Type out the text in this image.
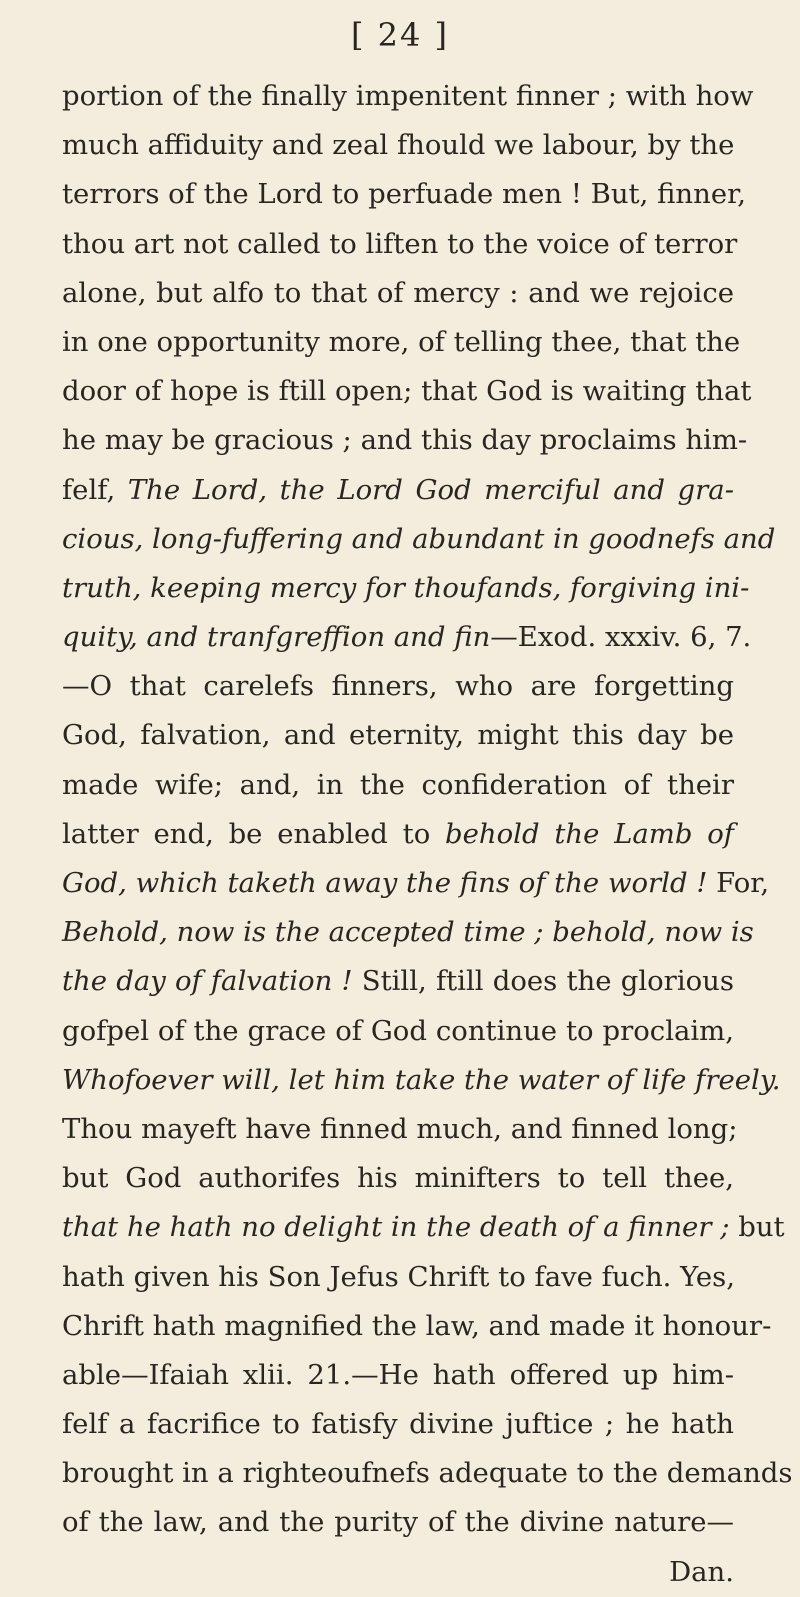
[ 24 ]
portion of the finally impenitent finner ; with how
much affiduity and zeal fhould we labour, by the
terrors of the Lord to perfuade men ! But, finner,
thou art not called to liften to the voice of terror
alone, but alfo to that of mercy : and we rejoice
in one opportunity more, of telling thee, that the
door of hope is ftill open; that God is waiting that
he may be gracious ; and this day proclaims him-
felf, The Lord, the Lord God merciful and gra-
cious, long-fuffering and abundant in goodnefs and
truth, keeping mercy for thoufands, forgiving ini-
quity, and tranfgreffion and fin—Exod. xxxiv. 6, 7.
—O that carelefs finners, who are forgetting
God, falvation, and eternity, might this day be
made wife; and, in the confideration of their
latter end, be enabled to behold the Lamb of
God, which taketh away the fins of the world ! For,
Behold, now is the accepted time ; behold, now is
the day of falvation ! Still, ftill does the glorious
gofpel of the grace of God continue to proclaim,
Whofoever will, let him take the water of life freely.
Thou mayeft have finned much, and finned long;
but God authorifes his minifters to tell thee,
that he hath no delight in the death of a finner ; but
hath given his Son Jefus Chrift to fave fuch. Yes,
Chrift hath magnified the law, and made it honour-
able—Ifaiah xlii. 21.—He hath offered up him-
felf a facrifice to fatisfy divine juftice ; he hath
brought in a righteoufnefs adequate to the demands
of the law, and the purity of the divine nature—
Dan.
